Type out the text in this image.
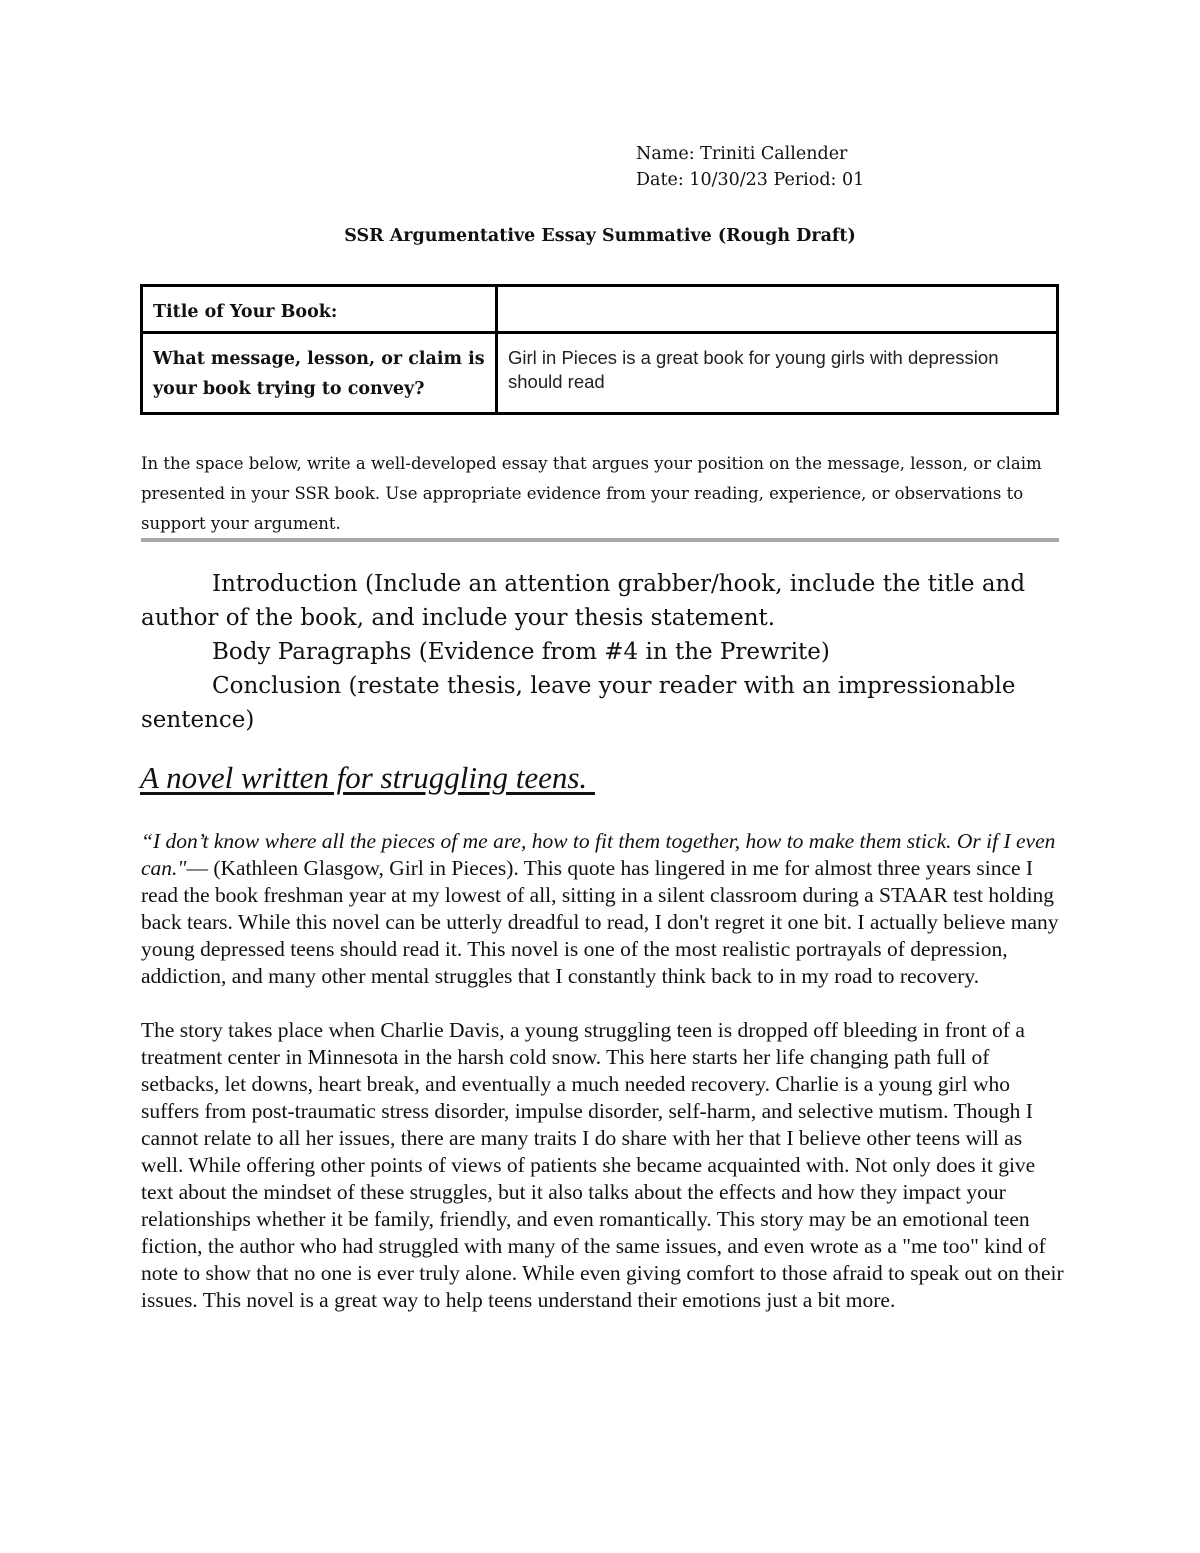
Name: Triniti Callender
Date: 10/30/23 Period: 01
SSR Argumentative Essay Summative (Rough Draft)
Title of Your Book:	
What message, lesson, or claim is your book trying to convey?	Girl in Pieces is a great book for young girls with depression should read
In the space below, write a well-developed essay that argues your position on the message, lesson, or claim presented in your SSR book. Use appropriate evidence from your reading, experience, or observations to support your argument.

Introduction (Include an attention grabber/hook, include the title and author of the book, and include your thesis statement.

Body Paragraphs (Evidence from #4 in the Prewrite)

Conclusion (restate thesis, leave your reader with an impressionable sentence)

A novel written for struggling teens.

“I don’t know where all the pieces of me are, how to fit them together, how to make them stick. Or if I even can."— (Kathleen Glasgow, Girl in Pieces). This quote has lingered in me for almost three years since I read the book freshman year at my lowest of all, sitting in a silent classroom during a STAAR test holding back tears. While this novel can be utterly dreadful to read, I don't regret it one bit. I actually believe many young depressed teens should read it. This novel is one of the most realistic portrayals of depression, addiction, and many other mental struggles that I constantly think back to in my road to recovery.

The story takes place when Charlie Davis, a young struggling teen is dropped off bleeding in front of a treatment center in Minnesota in the harsh cold snow. This here starts her life changing path full of setbacks, let downs, heart break, and eventually a much needed recovery. Charlie is a young girl who suffers from post-traumatic stress disorder, impulse disorder, self-harm, and selective mutism. Though I cannot relate to all her issues, there are many traits I do share with her that I believe other teens will as well. While offering other points of views of patients she became acquainted with. Not only does it give text about the mindset of these struggles, but it also talks about the effects and how they impact your relationships whether it be family, friendly, and even romantically. This story may be an emotional teen fiction, the author who had struggled with many of the same issues, and even wrote as a "me too" kind of note to show that no one is ever truly alone. While even giving comfort to those afraid to speak out on their issues. This novel is a great way to help teens understand their emotions just a bit more.
